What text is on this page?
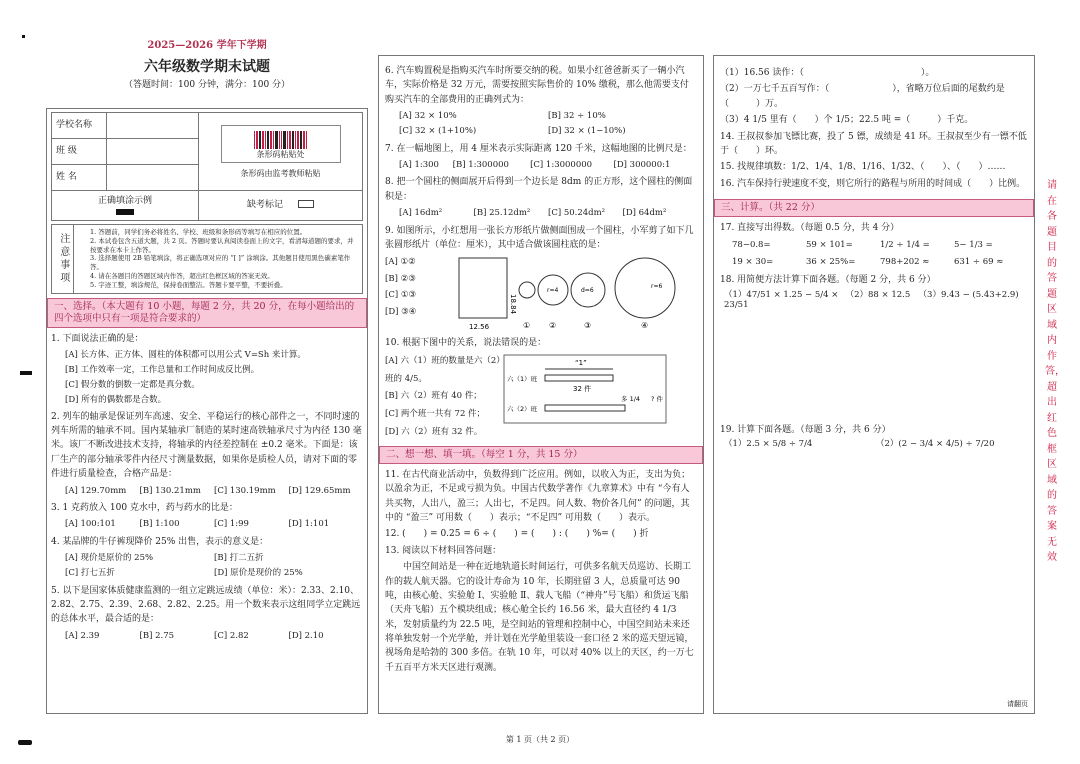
2025—2026 学年下学期
六年级数学期末试题
（答题时间：100 分钟，满分：100 分）
学校名称		条形码粘贴处
条形码由监考教师粘贴

班 级		
姓 名		

正确填涂示例		缺考标记
注意事项
1. 答题前，同学们务必将姓名、学校、班级和条形码等填写在相应的位置。
2. 本试卷包含五道大题，共 2 页。答题时要认真阅读卷面上的文字，看清每道题的要求，并按要求在本卡上作答。
3. 选择题使用 2B 铅笔填涂，将正确选项对应的 “[ ]” 涂填涂。其他题目使用黑色碳素笔作答。
4. 请在各题目的答题区域内作答，超出红色框区域的答案无效。
5. 字迹工整，填涂规范，保持卷面整洁。答题卡要平整，不要折叠。
一、选择。（本大题有 10 小题，每题 2 分，共 20 分，在每小题给出的四个选项中只有一项是符合要求的）
1. 下面说法正确的是：
[A] 长方体、正方体、圆柱的体积都可以用公式 V=Sh 来计算。
[B] 工作效率一定，工作总量和工作时间成反比例。
[C] 假分数的倒数一定都是真分数。
[D] 所有的偶数都是合数。
2. 列车的轴承是保证列车高速、安全、平稳运行的核心部件之一，不同时速的列车所需的轴承不同。国内某轴承厂制造的某时速高铁轴承尺寸为内径 130 毫米。该厂不断改进技术支持，将轴承的内径差控制在 ±0.2 毫米。下面是：该厂生产的部分轴承零件内径尺寸测量数据，如果你是质检人员，请对下面的零件进行质量检查，合格产品是：
[A] 129.70mm	[B] 130.21mm	[C] 130.19mm	[D] 129.65mm
3. 1 克药放入 100 克水中，药与药水的比是：
[A] 100:101	[B] 1:100	[C] 1:99	[D] 1:101
4. 某品牌的牛仔裤现降价 25% 出售，表示的意义是：
[A] 现价是原价的 25%	[B] 打二五折
[C] 打七五折	[D] 原价是现价的 25%
5. 以下是国家体质健康监测的一组立定跳远成绩（单位：米）：2.33、2.10、2.82、2.75、2.39、2.68、2.82、2.25。用一个数来表示这组同学立定跳远的总体水平，最合适的是：
[A] 2.39	[B] 2.75	[C] 2.82	[D] 2.10
6. 汽车购置税是指购买汽车时所要交纳的税。如果小红爸爸新买了一辆小汽车，实际价格是 32 万元，需要按照实际售价的 10% 缴税，那么他需要支付购买汽车的全部费用的正确列式为：
[A] 32 × 10%	[B] 32 ÷ 10%
[C] 32 × (1+10%)	[D] 32 × (1−10%)
7. 在一幅地图上，用 4 厘米表示实际距离 120 千米，这幅地图的比例尺是：
[A] 1:300	[B] 1:300000	[C] 1:3000000	[D] 300000:1
8. 把一个圆柱的侧面展开后得到一个边长是 8dm 的正方形，这个圆柱的侧面积是：
[A] 16dm²	[B] 25.12dm²	[C] 50.24dm²	[D] 64dm²
9. 如图所示，小红想用一张长方形纸片做侧面围成一个圆柱，小军剪了如下几张圆形纸片（单位：厘米），其中适合做该圆柱底的是：
[A] ①②
[B] ②③
[C] ①③
[D] ③④	18.84
12.56
r=4	d=6
r=6
① ②	③	④
10. 根据下图中的关系，说法错误的是：
[A] 六（1）班的数量是六（2）班的 4/5。
[B] 六（2）班有 40 件；
[C] 两个班一共有 72 件；
[D] 六（2）班有 32 件。
“1”
六（1）班
32 件
六（2）班
多 1/4 ? 件
二、想一想、填一填。（每空 1 分，共 15 分）
11. 在古代商业活动中，负数得到广泛应用。例如，以收入为正，支出为负；以盈余为正，不足或亏损为负。中国古代数学著作《九章算术》中有 “今有人共买物，人出八，盈三；人出七，不足四。问人数、物价各几何” 的问题，其中的 “盈三” 可用数（　　）表示；“不足四” 可用数（　　）表示。
12. (　　) = 0.25 = 6 ÷ (　　) = (　　) : (　　) %= (　　) 折
13. 阅读以下材料回答问题：
中国空间站是一种在近地轨道长时间运行，可供多名航天员巡访、长期工作的载人航天器。它的设计寿命为 10 年，长期驻留 3 人，总质量可达 90 吨，由核心舱、实验舱 Ⅰ、实验舱 Ⅱ、载人飞船（“神舟”号飞船）和货运飞船（天舟飞船）五个模块组成；核心舱全长约 16.56 米，最大直径约 4 1/3 米，发射质量约为 22.5 吨，是空间站的管理和控制中心，中国空间站未来还将单独发射一个光学舱，并计划在光学舱里装设一套口径 2 米的巡天望远镜，视场角是哈勃的 300 多倍。在轨 10 年，可以对 40% 以上的天区，约一万七千五百平方米天区进行观测。
（1）16.56 读作：（　　　　　　　　　　　　　）。
（2）一万七千五百写作：（　　　　　　　），省略万位后面的尾数约是（　　　）万。
（3）4 1/5 里有（　　）个 1/5；22.5 吨 =（　　　）千克。
14. 王叔叔参加飞镖比赛，投了 5 镖，成绩是 41 环。王叔叔至少有一镖不低于（　　）环。
15. 找规律填数：1/2、1/4、1/8、1/16、1/32、（　　）、（　　）……
16. 汽车保持行驶速度不变，则它所行的路程与所用的时间成（　　）比例。
三、计算。（共 22 分）
17. 直接写出得数。（每题 0.5 分，共 4 分）
78−0.8=	59 × 101=	1/2 ÷ 1/4 =	5− 1/3 =
19 × 30=	36 × 25%=	798+202 ≈	631 ÷ 69 ≈
18. 用简便方法计算下面各题。（每题 2 分，共 6 分）
（1）47/51 × 1.25 − 5/4 × 23/51
（2）88 × 12.5 （3）9.43 − (5.43+2.9)
19. 计算下面各题。（每题 3 分，共 6 分）
（1）2.5 × 5/8 ÷ 7/4	（2）(2 − 3/4 × 4/5) ÷ 7/20
请翻页
请在各题目的答题区域内作答，超出红色框区域的答案无效
第 1 页（共 2 页）
